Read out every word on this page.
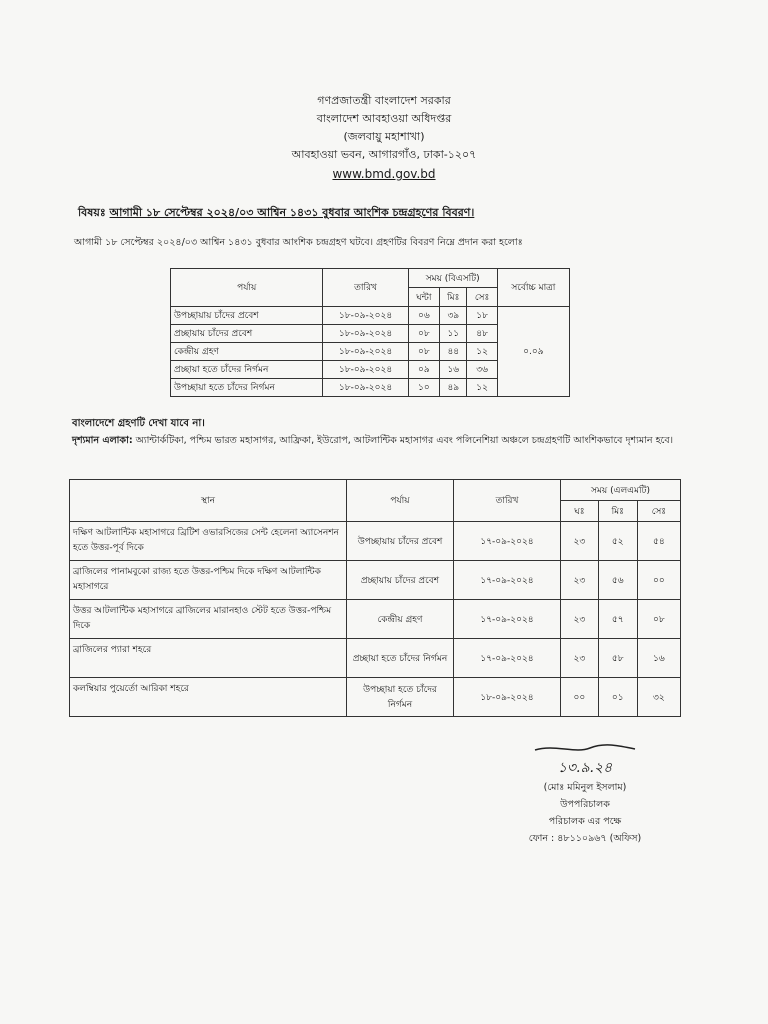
গণপ্রজাতন্ত্রী বাংলাদেশ সরকার
বাংলাদেশ আবহাওয়া অধিদপ্তর
(জলবায়ু মহাশাখা)
আবহাওয়া ভবন, আগারগাঁও, ঢাকা-১২০৭
www.bmd.gov.bd
বিষয়ঃ আগামী ১৮ সেপ্টেম্বর ২০২৪/০৩ আশ্বিন ১৪৩১ বুধবার আংশিক চন্দ্রগ্রহণের বিবরণ।
আগামী ১৮ সেপ্টেম্বর ২০২৪/০৩ আশ্বিন ১৪৩১ বুধবার আংশিক চন্দ্রগ্রহণ ঘটবে। গ্রহণটির বিবরণ নিম্নে প্রদান করা হলোঃ
পর্যায়	তারিখ	সময় (বিএসটি)			সর্বোচ্চ মাত্রা
		ঘন্টা	মিঃ	সেঃ	
উপচ্ছায়ায় চাঁদের প্রবেশ	১৮-০৯-২০২৪	০৬	৩৯	১৮	০.০৯
প্রচ্ছায়ায় চাঁদের প্রবেশ	১৮-০৯-২০২৪	০৮	১১	৪৮	
কেন্দ্রীয় গ্রহণ	১৮-০৯-২০২৪	০৮	৪৪	১২	
প্রচ্ছায়া হতে চাঁদের নির্গমন	১৮-০৯-২০২৪	০৯	১৬	৩৬	
উপচ্ছায়া হতে চাঁদের নির্গমন	১৮-০৯-২০২৪	১০	৪৯	১২	
বাংলাদেশে গ্রহণটি দেখা যাবে না।
দৃশ্যমান এলাকা: অ্যান্টার্কটিকা, পশ্চিম ভারত মহাসাগর, আফ্রিকা, ইউরোপ, আটলান্টিক মহাসাগর এবং পলিনেশিয়া অঞ্চলে চন্দ্রগ্রহণটি আংশিকভাবে দৃশ্যমান হবে।
স্থান	পর্যায়	তারিখ	সময় (এলএমটি)		
			ঘঃ	মিঃ	সেঃ
দক্ষিণ আটলান্টিক মহাসাগরে ব্রিটিশ ওভারসিজের সেন্ট হেলেনা অ্যাসেনশন হতে উত্তর-পূর্ব দিকে	উপচ্ছায়ায় চাঁদের প্রবেশ	১৭-০৯-২০২৪	২৩	৫২	৫৪
ব্রাজিলের পানামবুকো রাজ্য হতে উত্তর-পশ্চিম দিকে দক্ষিণ আটলান্টিক মহাসাগরে	প্রচ্ছায়ায় চাঁদের প্রবেশ	১৭-০৯-২০২৪	২৩	৫৬	০০
উত্তর আটলান্টিক মহাসাগরে ব্রাজিলের মারানহাও স্টেট হতে উত্তর-পশ্চিম দিকে	কেন্দ্রীয় গ্রহণ	১৭-০৯-২০২৪	২৩	৫৭	০৮
ব্রাজিলের প্যারা শহরে	প্রচ্ছায়া হতে চাঁদের নির্গমন	১৭-০৯-২০২৪	২৩	৫৮	১৬
কলম্বিয়ার পুয়ের্তো আরিকা শহরে	উপচ্ছায়া হতে চাঁদের নির্গমন	১৮-০৯-২০২৪	০০	০১	৩২
১৩.৯.২৪
(মোঃ মমিনুল ইসলাম)
উপপরিচালক
পরিচালক এর পক্ষে
ফোন : ৪৮১১০৯৬৭ (অফিস)
